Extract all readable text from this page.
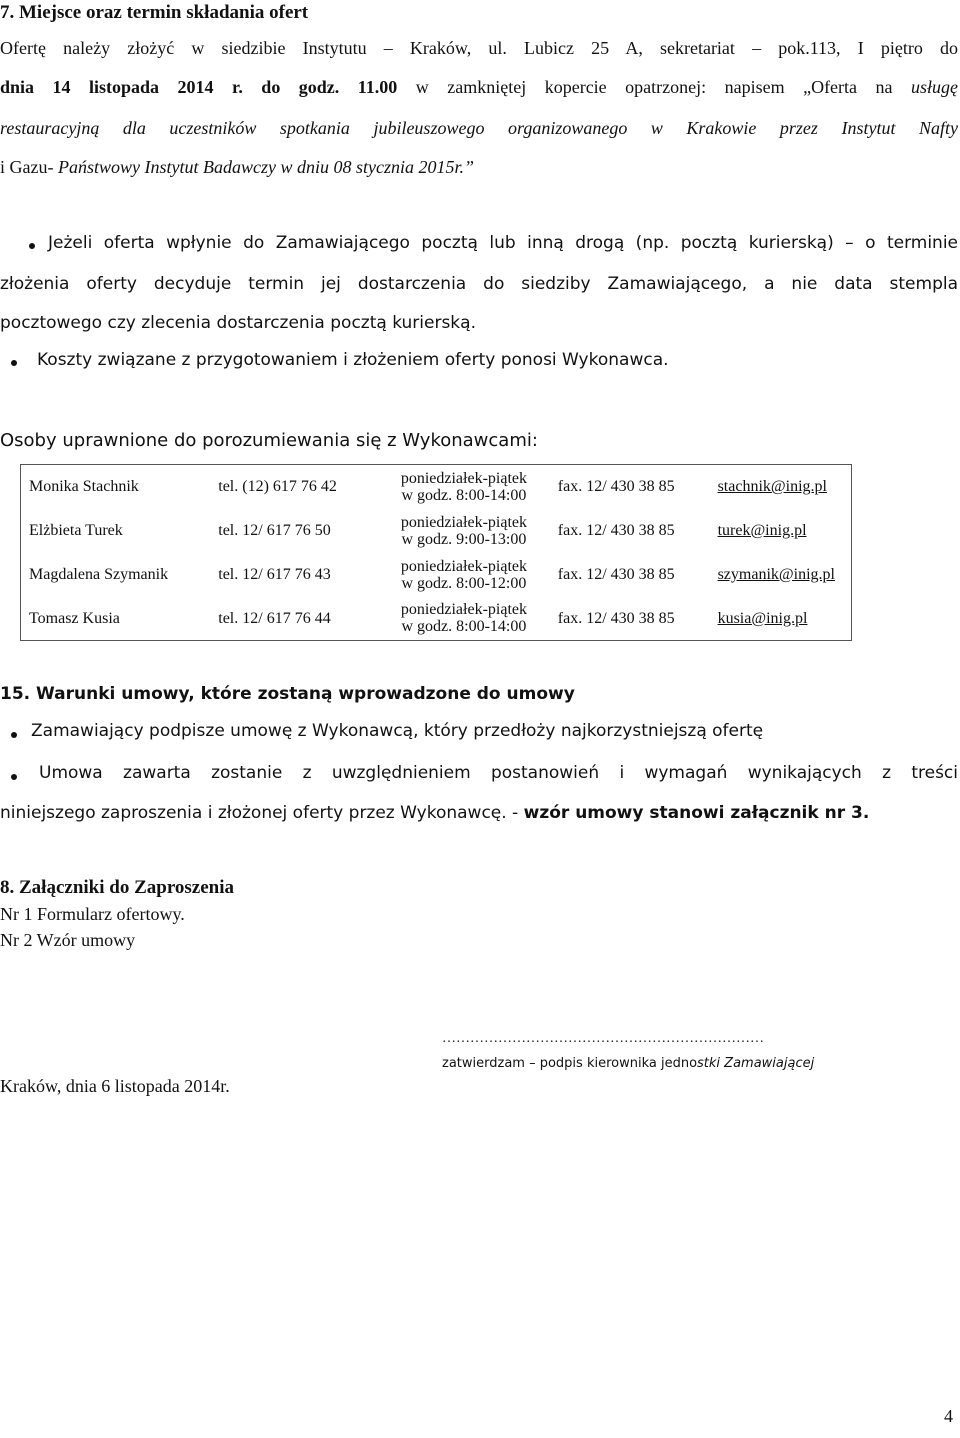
7. Miejsce oraz termin składania ofert
Ofertę należy złożyć w siedzibie Instytutu – Kraków, ul. Lubicz 25 A, sekretariat – pok.113, I piętro do
dnia 14 listopada 2014 r. do godz. 11.00 w zamkniętej kopercie opatrzonej: napisem „Oferta na usługę
restauracyjną dla uczestników spotkania jubileuszowego organizowanego w Krakowie przez Instytut Nafty
i Gazu- Państwowy Instytut Badawczy w dniu 08 stycznia 2015r.”
Jeżeli oferta wpłynie do Zamawiającego pocztą lub inną drogą (np. pocztą kurierską) – o terminie
złożenia oferty decyduje termin jej dostarczenia do siedziby Zamawiającego, a nie data stempla
pocztowego czy zlecenia dostarczenia pocztą kurierską.
Koszty związane z przygotowaniem i złożeniem oferty ponosi Wykonawca.
Osoby uprawnione do porozumiewania się z Wykonawcami:
Monika Stachnik	tel. (12) 617 76 42	poniedziałek-piątek
w godz. 8:00-14:00	fax. 12/ 430 38 85	stachnik@inig.pl
Elżbieta Turek	tel. 12/ 617 76 50	poniedziałek-piątek
w godz. 9:00-13:00	fax. 12/ 430 38 85	turek@inig.pl
Magdalena Szymanik	tel. 12/ 617 76 43	poniedziałek-piątek
w godz. 8:00-12:00	fax. 12/ 430 38 85	szymanik@inig.pl
Tomasz Kusia	tel. 12/ 617 76 44	poniedziałek-piątek
w godz. 8:00-14:00	fax. 12/ 430 38 85	kusia@inig.pl
15. Warunki umowy, które zostaną wprowadzone do umowy
Zamawiający podpisze umowę z Wykonawcą, który przedłoży najkorzystniejszą ofertę
Umowa zawarta zostanie z uwzględnieniem postanowień i wymagań wynikających z treści
niniejszego zaproszenia i złożonej oferty przez Wykonawcę. - wzór umowy stanowi załącznik nr 3.
8. Załączniki do Zaproszenia
Nr 1 Formularz ofertowy.
Nr 2 Wzór umowy
Kraków, dnia 6 listopada 2014r.
……………………………………………………………
zatwierdzam – podpis kierownika jednostki Zamawiającej
4
